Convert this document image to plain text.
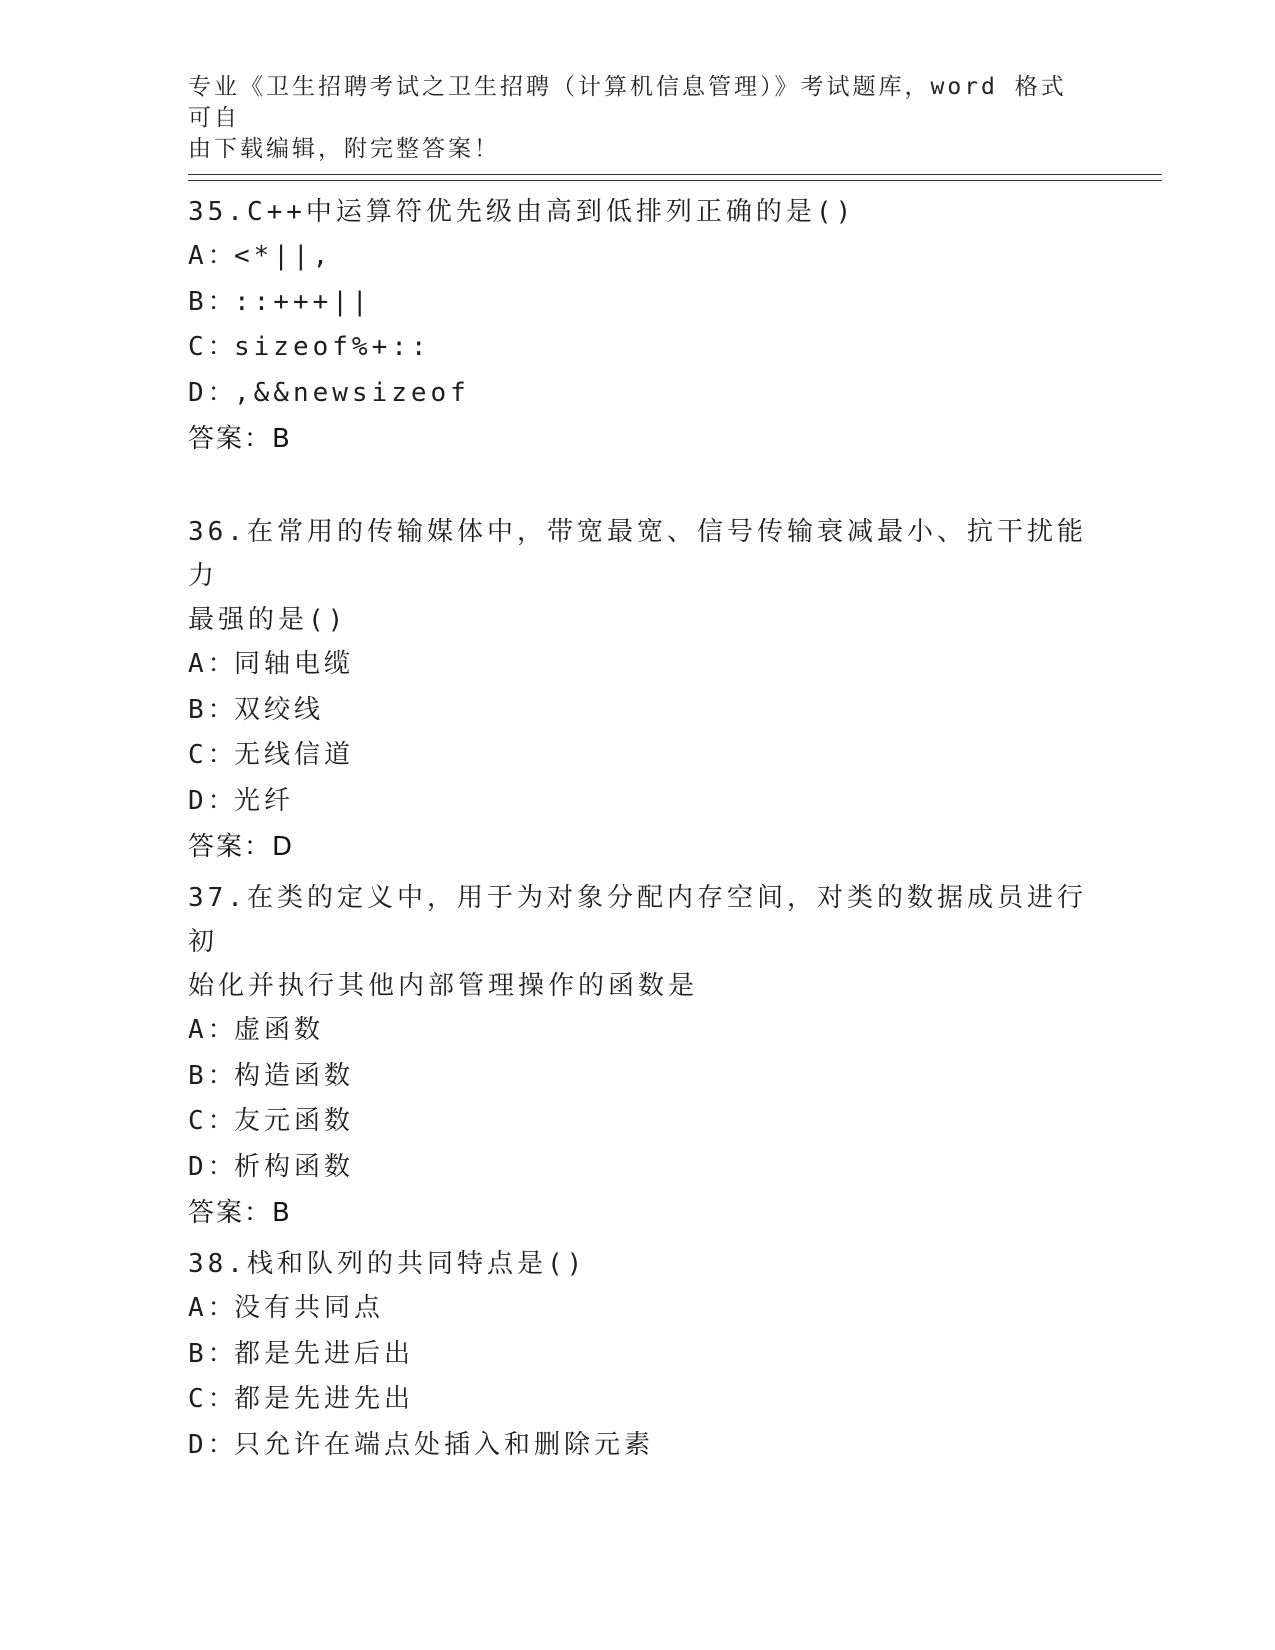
专业《卫生招聘考试之卫生招聘（计算机信息管理）》考试题库，word 格式可自
由下载编辑，附完整答案！
35.C++中运算符优先级由高到低排列正确的是()
A：<*||,
B：::+++||
C：sizeof%+::
D：,&&newsizeof
答案：B
36.在常用的传输媒体中，带宽最宽、信号传输衰减最小、抗干扰能力
最强的是()
A：同轴电缆
B：双绞线
C：无线信道
D：光纤
答案：D
37.在类的定义中，用于为对象分配内存空间，对类的数据成员进行初
始化并执行其他内部管理操作的函数是
A：虚函数
B：构造函数
C：友元函数
D：析构函数
答案：B
38.栈和队列的共同特点是()
A：没有共同点
B：都是先进后出
C：都是先进先出
D：只允许在端点处插入和删除元素
